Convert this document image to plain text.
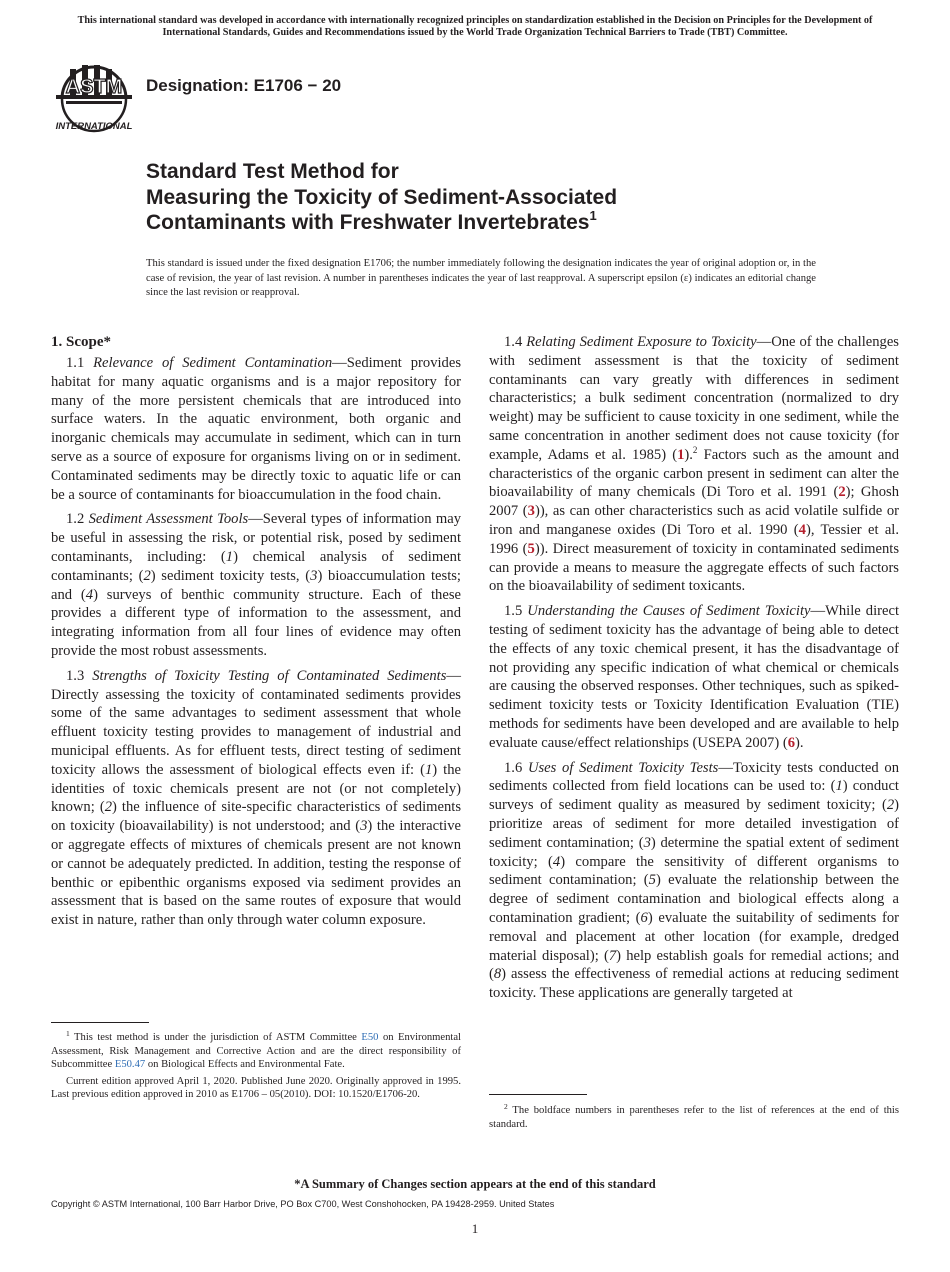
This international standard was developed in accordance with internationally recognized principles on standardization established in the Decision on Principles for the Development of International Standards, Guides and Recommendations issued by the World Trade Organization Technical Barriers to Trade (TBT) Committee.
ASTM
INTERNATIONAL
Designation: E1706 − 20
Standard Test Method for
Measuring the Toxicity of Sediment-Associated
Contaminants with Freshwater Invertebrates$^1$
This standard is issued under the fixed designation E1706; the number immediately following the designation indicates the year of original adoption or, in the case of revision, the year of last revision. A number in parentheses indicates the year of last reapproval. A superscript epsilon (ε) indicates an editorial change since the last revision or reapproval.
1. Scope*

1.1 Relevance of Sediment Contamination—Sediment provides habitat for many aquatic organisms and is a major repository for many of the more persistent chemicals that are introduced into surface waters. In the aquatic environment, both organic and inorganic chemicals may accumulate in sediment, which can in turn serve as a source of exposure for organisms living on or in sediment. Contaminated sediments may be directly toxic to aquatic life or can be a source of contaminants for bioaccumulation in the food chain.

1.2 Sediment Assessment Tools—Several types of information may be useful in assessing the risk, or potential risk, posed by sediment contaminants, including: (1) chemical analysis of sediment contaminants; (2) sediment toxicity tests, (3) bioaccumulation tests; and (4) surveys of benthic community structure. Each of these provides a different type of information to the assessment, and integrating information from all four lines of evidence may often provide the most robust assessments.

1.3 Strengths of Toxicity Testing of Contaminated Sediments—Directly assessing the toxicity of contaminated sediments provides some of the same advantages to sediment assessment that whole effluent toxicity testing provides to management of industrial and municipal effluents. As for effluent tests, direct testing of sediment toxicity allows the assessment of biological effects even if: (1) the identities of toxic chemicals present are not (or not completely) known; (2) the influence of site-specific characteristics of sediments on toxicity (bioavailability) is not understood; and (3) the interactive or aggregate effects of mixtures of chemicals present are not known or cannot be adequately predicted. In addition, testing the response of benthic or epibenthic organisms exposed via sediment provides an assessment that is based on the same routes of exposure that would exist in nature, rather than only through water column exposure.

$^1$ This test method is under the jurisdiction of ASTM Committee E50 on Environmental Assessment, Risk Management and Corrective Action and are the direct responsibility of Subcommittee E50.47 on Biological Effects and Environmental Fate.

Current edition approved April 1, 2020. Published June 2020. Originally approved in 1995. Last previous edition approved in 2010 as E1706 – 05(2010). DOI: 10.1520/E1706-20.

1.4 Relating Sediment Exposure to Toxicity—One of the challenges with sediment assessment is that the toxicity of sediment contaminants can vary greatly with differences in sediment characteristics; a bulk sediment concentration (normalized to dry weight) may be sufficient to cause toxicity in one sediment, while the same concentration in another sediment does not cause toxicity (for example, Adams et al. 1985) (1).$^2$ Factors such as the amount and characteristics of the organic carbon present in sediment can alter the bioavailability of many chemicals (Di Toro et al. 1991 (2); Ghosh 2007 (3)), as can other characteristics such as acid volatile sulfide or iron and manganese oxides (Di Toro et al. 1990 (4), Tessier et al. 1996 (5)). Direct measurement of toxicity in contaminated sediments can provide a means to measure the aggregate effects of such factors on the bioavailability of sediment toxicants.

1.5 Understanding the Causes of Sediment Toxicity—While direct testing of sediment toxicity has the advantage of being able to detect the effects of any toxic chemical present, it has the disadvantage of not providing any specific indication of what chemical or chemicals are causing the observed responses. Other techniques, such as spiked-sediment toxicity tests or Toxicity Identification Evaluation (TIE) methods for sediments have been developed and are available to help evaluate cause/effect relationships (USEPA 2007) (6).

1.6 Uses of Sediment Toxicity Tests—Toxicity tests conducted on sediments collected from field locations can be used to: (1) conduct surveys of sediment quality as measured by sediment toxicity; (2) prioritize areas of sediment for more detailed investigation of sediment contamination; (3) determine the spatial extent of sediment toxicity; (4) compare the sensitivity of different organisms to sediment contamination; (5) evaluate the relationship between the degree of sediment contamination and biological effects along a contamination gradient; (6) evaluate the suitability of sediments for removal and placement at other location (for example, dredged material disposal); (7) help establish goals for remedial actions; and (8) assess the effectiveness of remedial actions at reducing sediment toxicity. These applications are generally targeted at

$^2$ The boldface numbers in parentheses refer to the list of references at the end of this standard.

*A Summary of Changes section appears at the end of this standard
Copyright © ASTM International, 100 Barr Harbor Drive, PO Box C700, West Conshohocken, PA 19428-2959. United States
1
